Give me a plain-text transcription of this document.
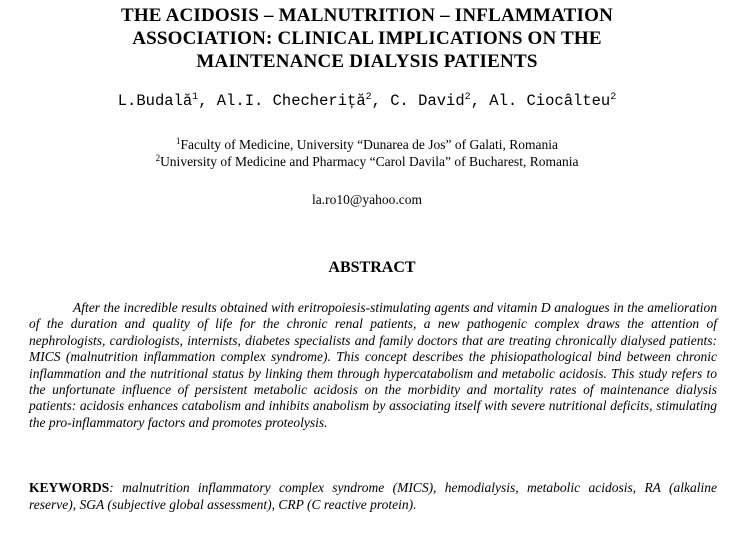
THE ACIDOSIS – MALNUTRITION – INFLAMMATION
ASSOCIATION: CLINICAL IMPLICATIONS ON THE
MAINTENANCE DIALYSIS PATIENTS
L.Budală$^1$, Al.I. Checheriță$^2$, C. David$^2$, Al. Ciocâlteu$^2$
$^1$Faculty of Medicine, University “Dunarea de Jos” of Galati, Romania
$^2$University of Medicine and Pharmacy “Carol Davila” of Bucharest, Romania
la.ro10@yahoo.com
ABSTRACT

After the incredible results obtained with eritropoiesis-stimulating agents and vitamin D analogues in the amelioration of the duration and quality of life for the chronic renal patients, a new pathogenic complex draws the attention of nephrologists, cardiologists, internists, diabetes specialists and family doctors that are treating chronically dialysed patients: MICS (malnutrition inflammation complex syndrome). This concept describes the phisiopathological bind between chronic inflammation and the nutritional status by linking them through hypercatabolism and metabolic acidosis. This study refers to the unfortunate influence of persistent metabolic acidosis on the morbidity and mortality rates of maintenance dialysis patients: acidosis enhances catabolism and inhibits anabolism by associating itself with severe nutritional deficits, stimulating the pro-inflammatory factors and promotes proteolysis.

KEYWORDS: malnutrition inflammatory complex syndrome (MICS), hemodialysis, metabolic acidosis, RA (alkaline reserve), SGA (subjective global assessment), CRP (C reactive protein).
